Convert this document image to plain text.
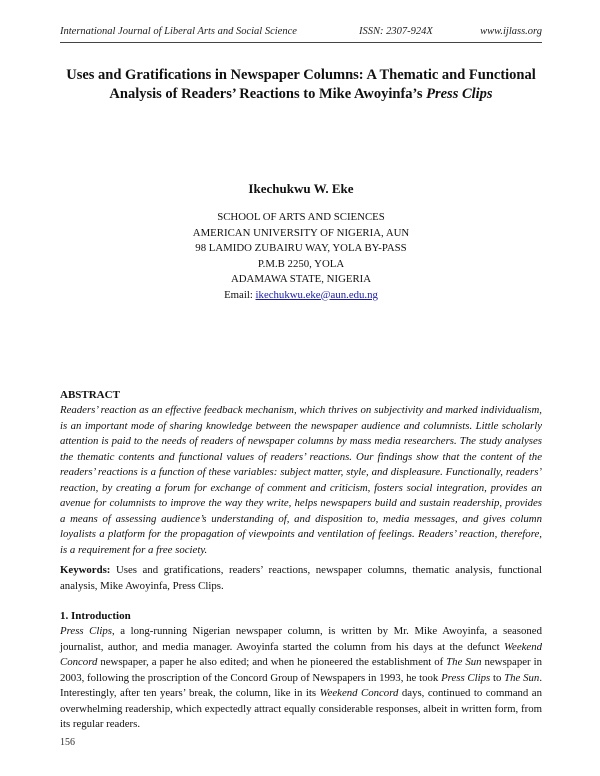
International Journal of Liberal Arts and Social Science	ISSN: 2307-924X	www.ijlass.org
Uses and Gratifications in Newspaper Columns: A Thematic and Functional
Analysis of Readers’ Reactions to Mike Awoyinfa’s Press Clips
Ikechukwu W. Eke
SCHOOL OF ARTS AND SCIENCES
AMERICAN UNIVERSITY OF NIGERIA, AUN
98 LAMIDO ZUBAIRU WAY, YOLA BY-PASS
P.M.B 2250, YOLA
ADAMAWA STATE, NIGERIA
Email: ikechukwu.eke@aun.edu.ng
ABSTRACT
Readers’ reaction as an effective feedback mechanism, which thrives on subjectivity and marked individualism, is an important mode of sharing knowledge between the newspaper audience and columnists. Little scholarly attention is paid to the needs of readers of newspaper columns by mass media researchers. The study analyses the thematic contents and functional values of readers’ reactions. Our findings show that the content of the readers’ reactions is a function of these variables: subject matter, style, and displeasure. Functionally, readers’ reaction, by creating a forum for exchange of comment and criticism, fosters social integration, provides an avenue for columnists to improve the way they write, helps newspapers build and sustain readership, provides a means of assessing audience’s understanding of, and disposition to, media messages, and gives column loyalists a platform for the propagation of viewpoints and ventilation of feelings. Readers’ reaction, therefore, is a requirement for a free society.
Keywords: Uses and gratifications, readers’ reactions, newspaper columns, thematic analysis, functional analysis, Mike Awoyinfa, Press Clips.
1. Introduction
Press Clips, a long-running Nigerian newspaper column, is written by Mr. Mike Awoyinfa, a seasoned journalist, author, and media manager. Awoyinfa started the column from his days at the defunct Weekend Concord newspaper, a paper he also edited; and when he pioneered the establishment of The Sun newspaper in 2003, following the proscription of the Concord Group of Newspapers in 1993, he took Press Clips to The Sun. Interestingly, after ten years’ break, the column, like in its Weekend Concord days, continued to command an overwhelming readership, which expectedly attract equally considerable responses, albeit in written form, from its regular readers.
156
